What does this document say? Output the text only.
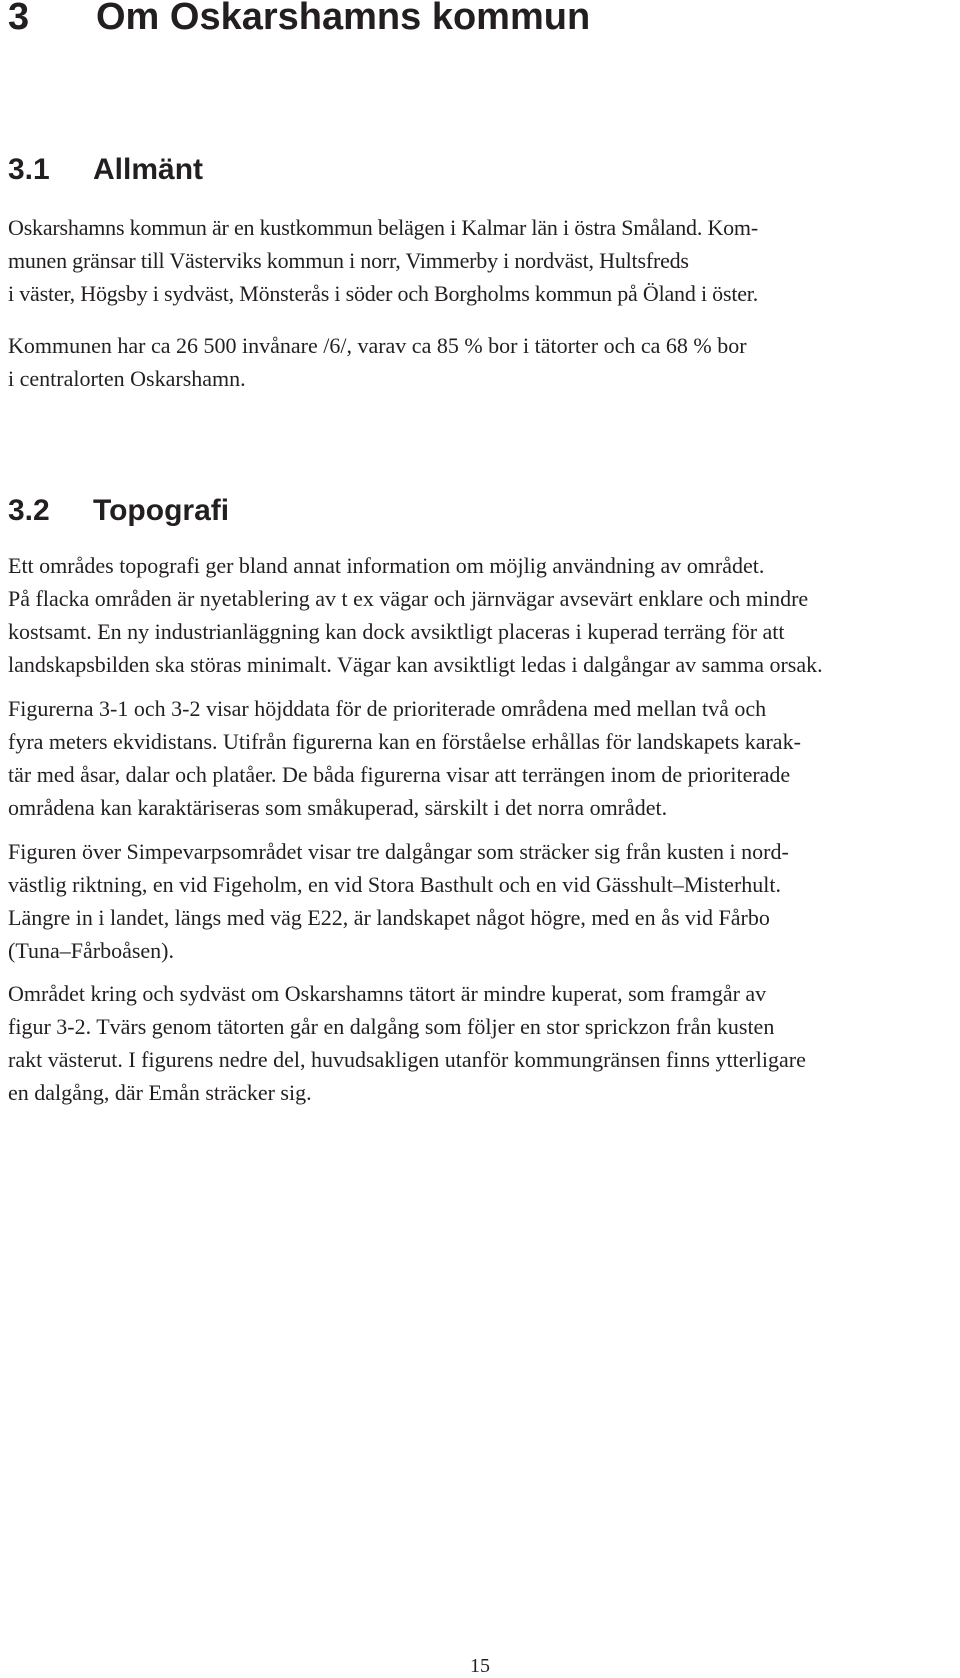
3 Om Oskarshamns kommun
3.1 Allmänt

Oskarshamns kommun är en kustkommun belägen i Kalmar län i östra Småland. Kom-
munen gränsar till Västerviks kommun i norr, Vimmerby i nordväst, Hultsfreds
i väster, Högsby i sydväst, Mönsterås i söder och Borgholms kommun på Öland i öster.

Kommunen har ca 26 500 invånare /6/, varav ca 85 % bor i tätorter och ca 68 % bor
i centralorten Oskarshamn.

3.2 Topografi

Ett områdes topografi ger bland annat information om möjlig användning av området.
På flacka områden är nyetablering av t ex vägar och järnvägar avsevärt enklare och mindre
kostsamt. En ny industrianläggning kan dock avsiktligt placeras i kuperad terräng för att
landskapsbilden ska störas minimalt. Vägar kan avsiktligt ledas i dalgångar av samma orsak.

Figurerna 3-1 och 3-2 visar höjddata för de prioriterade områdena med mellan två och
fyra meters ekvidistans. Utifrån figurerna kan en förståelse erhållas för landskapets karak-
tär med åsar, dalar och platåer. De båda figurerna visar att terrängen inom de prioriterade
områdena kan karaktäriseras som småkuperad, särskilt i det norra området.

Figuren över Simpevarpsområdet visar tre dalgångar som sträcker sig från kusten i nord-
västlig riktning, en vid Figeholm, en vid Stora Basthult och en vid Gässhult–Misterhult.
Längre in i landet, längs med väg E22, är landskapet något högre, med en ås vid Fårbo
(Tuna–Fårboåsen).

Området kring och sydväst om Oskarshamns tätort är mindre kuperat, som framgår av
figur 3-2. Tvärs genom tätorten går en dalgång som följer en stor sprickzon från kusten
rakt västerut. I figurens nedre del, huvudsakligen utanför kommungränsen finns ytterligare
en dalgång, där Emån sträcker sig.

15
